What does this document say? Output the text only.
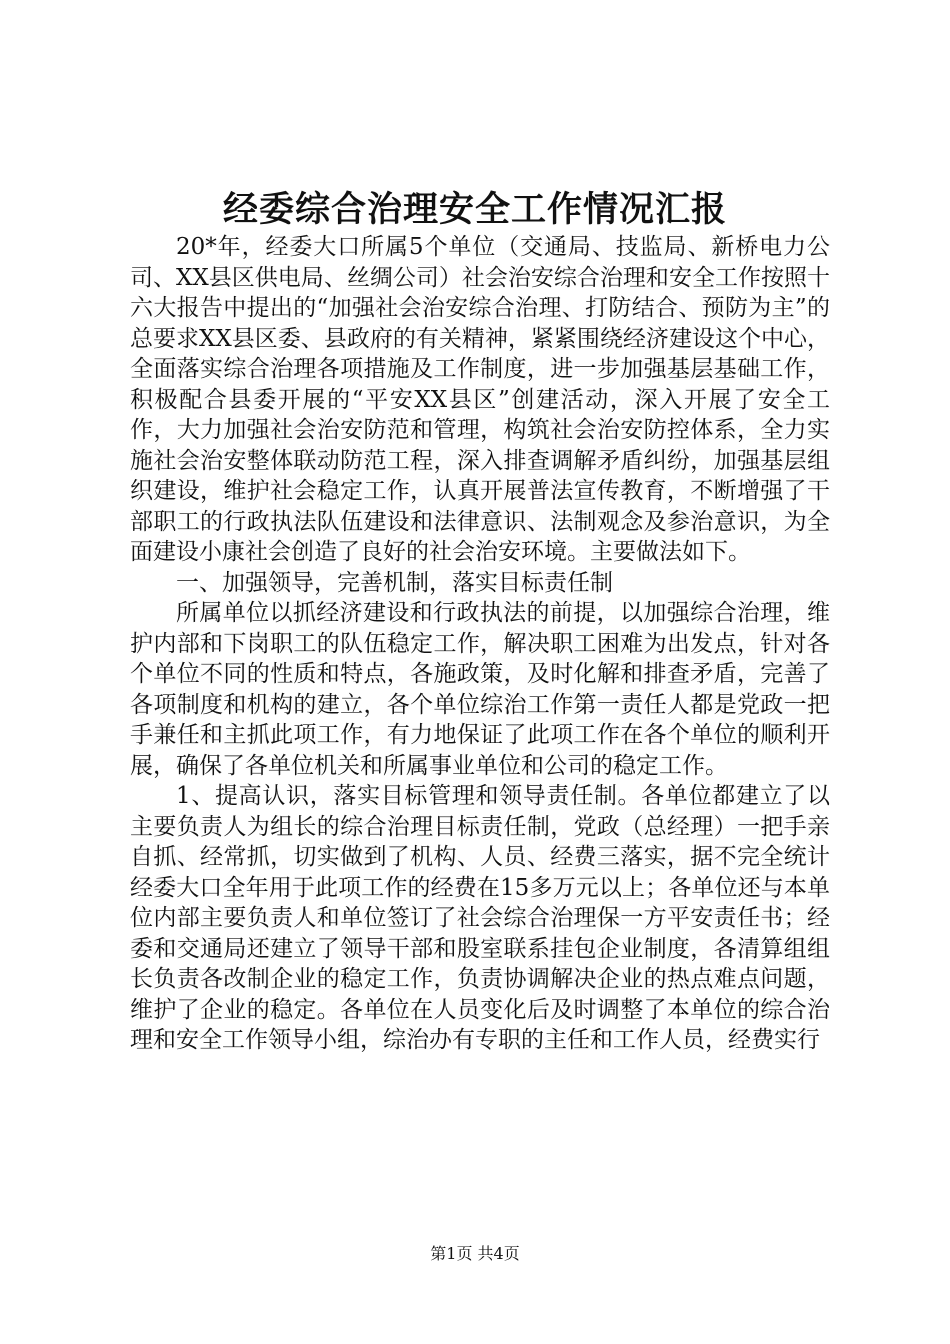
经委综合治理安全工作情况汇报

20*年，经委大口所属5个单位（交通局、技监局、新桥电力公司、XX县区供电局、丝绸公司）社会治安综合治理和安全工作按照十六大报告中提出的“加强社会治安综合治理、打防结合、预防为主”的总要求XX县区委、县政府的有关精神，紧紧围绕经济建设这个中心，全面落实综合治理各项措施及工作制度，进一步加强基层基础工作，积极配合县委开展的“平安XX县区”创建活动，深入开展了安全工作，大力加强社会治安防范和管理，构筑社会治安防控体系，全力实施社会治安整体联动防范工程，深入排查调解矛盾纠纷，加强基层组织建设，维护社会稳定工作，认真开展普法宣传教育，不断增强了干部职工的行政执法队伍建设和法律意识、法制观念及参治意识，为全面建设小康社会创造了良好的社会治安环境。主要做法如下。

一、加强领导，完善机制，落实目标责任制

所属单位以抓经济建设和行政执法的前提，以加强综合治理，维护内部和下岗职工的队伍稳定工作，解决职工困难为出发点，针对各个单位不同的性质和特点，各施政策，及时化解和排查矛盾，完善了各项制度和机构的建立，各个单位综治工作第一责任人都是党政一把手兼任和主抓此项工作，有力地保证了此项工作在各个单位的顺利开展，确保了各单位机关和所属事业单位和公司的稳定工作。

1、提高认识，落实目标管理和领导责任制。各单位都建立了以主要负责人为组长的综合治理目标责任制，党政（总经理）一把手亲自抓、经常抓，切实做到了机构、人员、经费三落实，据不完全统计经委大口全年用于此项工作的经费在15多万元以上；各单位还与本单位内部主要负责人和单位签订了社会综合治理保一方平安责任书；经委和交通局还建立了领导干部和股室联系挂包企业制度，各清算组组长负责各改制企业的稳定工作，负责协调解决企业的热点难点问题，维护了企业的稳定。各单位在人员变化后及时调整了本单位的综合治理和安全工作领导小组，综治办有专职的主任和工作人员，经费实行

第1页 共4页
